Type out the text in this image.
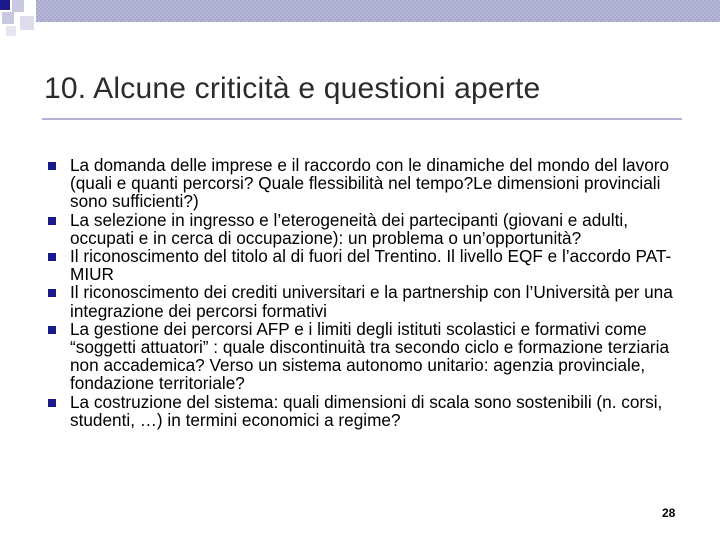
10. Alcune criticità e questioni aperte
La domanda delle imprese e il raccordo con le dinamiche del mondo del lavoro (quali e quanti percorsi? Quale flessibilità nel tempo?Le dimensioni provinciali sono sufficienti?)
La selezione in ingresso e l’eterogeneità dei partecipanti (giovani e adulti, occupati e in cerca di occupazione): un problema o un’opportunità?
Il riconoscimento del titolo al di fuori del Trentino. Il livello EQF e l’accordo PAT-MIUR
Il riconoscimento dei crediti universitari e la partnership con l’Università per una integrazione dei percorsi formativi
La gestione dei percorsi AFP e i limiti degli istituti scolastici e formativi come “soggetti attuatori” : quale discontinuità tra secondo ciclo e formazione terziaria non accademica? Verso un sistema autonomo unitario: agenzia provinciale, fondazione territoriale?
La costruzione del sistema: quali dimensioni di scala sono sostenibili (n. corsi, studenti, …) in termini economici a regime?
28
